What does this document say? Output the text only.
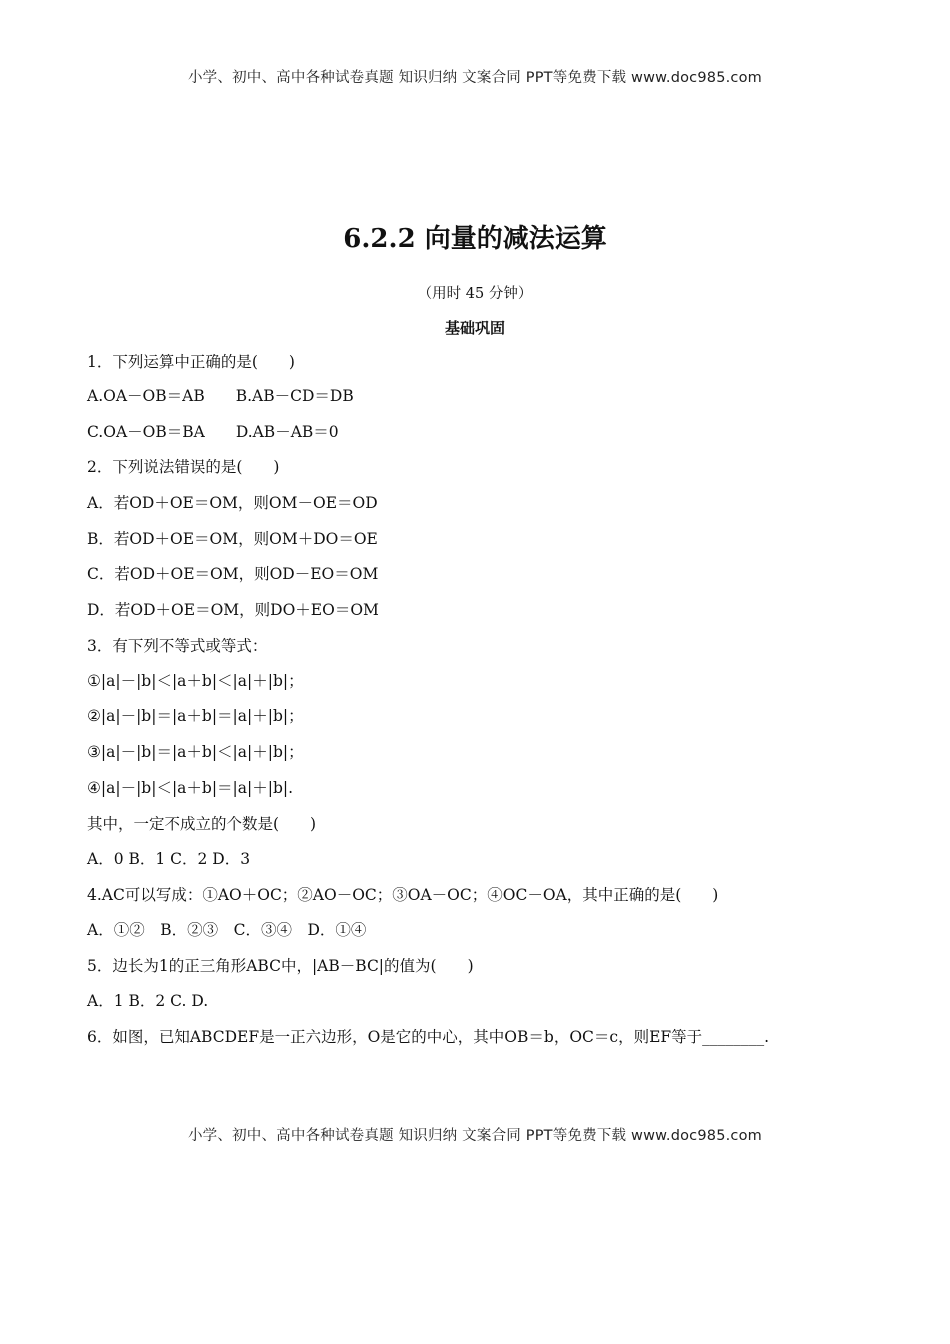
小学、初中、高中各种试卷真题 知识归纳 文案合同 PPT等免费下载 www.doc985.com
6.2.2 向量的减法运算
（用时 45 分钟）
基础巩固
1．下列运算中正确的是(　　)
A.OA－OB＝AB　　B.AB－CD＝DB
C.OA－OB＝BA　　D.AB－AB＝0
2．下列说法错误的是(　　)
A．若OD＋OE＝OM，则OM－OE＝OD
B．若OD＋OE＝OM，则OM＋DO＝OE
C．若OD＋OE＝OM，则OD－EO＝OM
D．若OD＋OE＝OM，则DO＋EO＝OM
3．有下列不等式或等式：
①|a|－|b|＜|a＋b|＜|a|＋|b|；
②|a|－|b|＝|a＋b|＝|a|＋|b|；
③|a|－|b|＝|a＋b|＜|a|＋|b|；
④|a|－|b|＜|a＋b|＝|a|＋|b|.
其中，一定不成立的个数是(　　)
A．0 B．1 C．2 D．3
4.AC可以写成：①AO＋OC；②AO－OC；③OA－OC；④OC－OA，其中正确的是(　　)
A．①②　B．②③　C．③④　D．①④
5．边长为1的正三角形ABC中，|AB－BC|的值为(　　)
A．1 B．2 C. D.
6．如图，已知ABCDEF是一正六边形，O是它的中心，其中OB＝b，OC＝c，则EF等于________.
小学、初中、高中各种试卷真题 知识归纳 文案合同 PPT等免费下载 www.doc985.com
